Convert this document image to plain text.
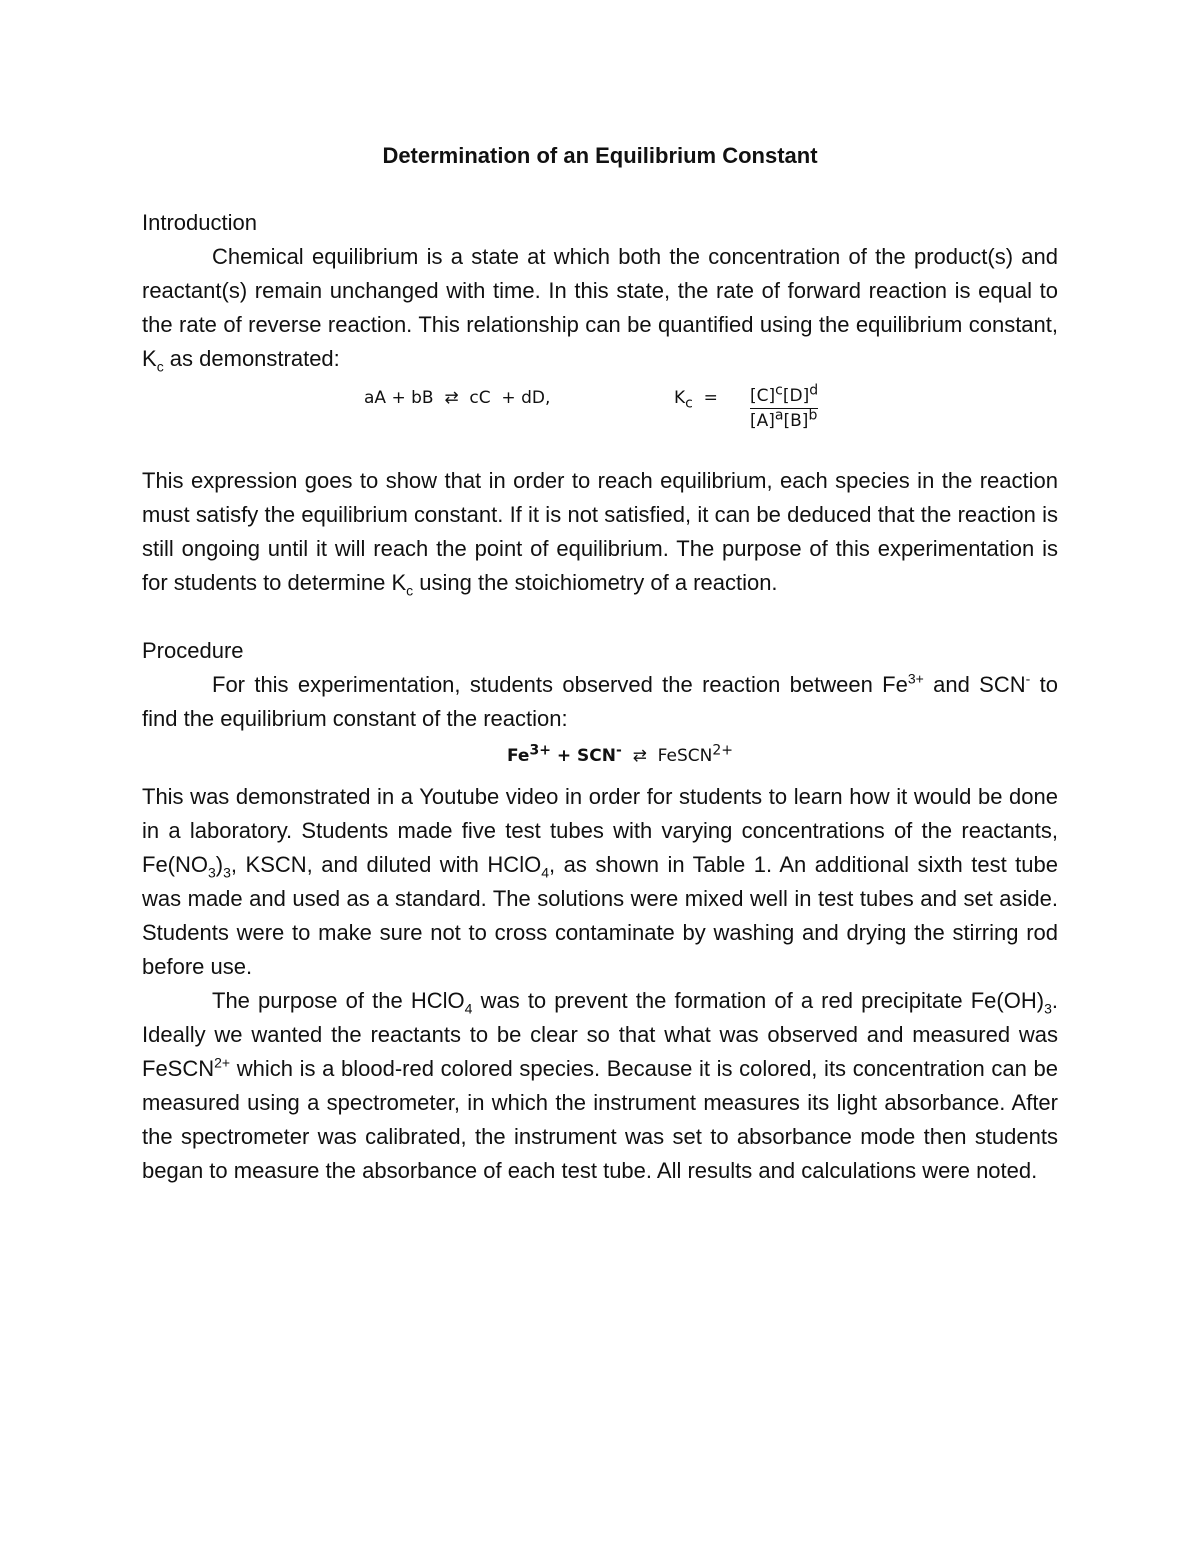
Determination of an Equilibrium Constant
Introduction

Chemical equilibrium is a state at which both the concentration of the product(s) and reactant(s) remain unchanged with time. In this state, the rate of forward reaction is equal to the rate of reverse reaction. This relationship can be quantified using the equilibrium constant, $K_c$ as demonstrated:

aA + bB  ⇄  cC  + dD,	$K_c = \frac{[C]^c[D]^d}{[A]^a[B]^b}$

This expression goes to show that in order to reach equilibrium, each species in the reaction must satisfy the equilibrium constant. If it is not satisfied, it can be deduced that the reaction is still ongoing until it will reach the point of equilibrium. The purpose of this experimentation is for students to determine $K_c$ using the stoichiometry of a reaction.

Procedure

For this experimentation, students observed the reaction between $Fe^{3+}$ and SCN- to find the equilibrium constant of the reaction:

$Fe^{3+} + SCN^-$  ⇄  FeSCN$^{2+}$

This was demonstrated in a Youtube video in order for students to learn how it would be done in a laboratory. Students made five test tubes with varying concentrations of the reactants, $Fe(NO_3)_3$, KSCN, and diluted with HClO$_4$, as shown in Table 1. An additional sixth test tube was made and used as a standard. The solutions were mixed well in test tubes and set aside. Students were to make sure not to cross contaminate by washing and drying the stirring rod before use.

The purpose of the HClO$_4$ was to prevent the formation of a red precipitate $Fe(OH)_3$. Ideally we wanted the reactants to be clear so that what was observed and measured was FeSCN$^{2+}$ which is a blood-red colored species. Because it is colored, its concentration can be measured using a spectrometer, in which the instrument measures its light absorbance. After the spectrometer was calibrated, the instrument was set to absorbance mode then students began to measure the absorbance of each test tube. All results and calculations were noted.
